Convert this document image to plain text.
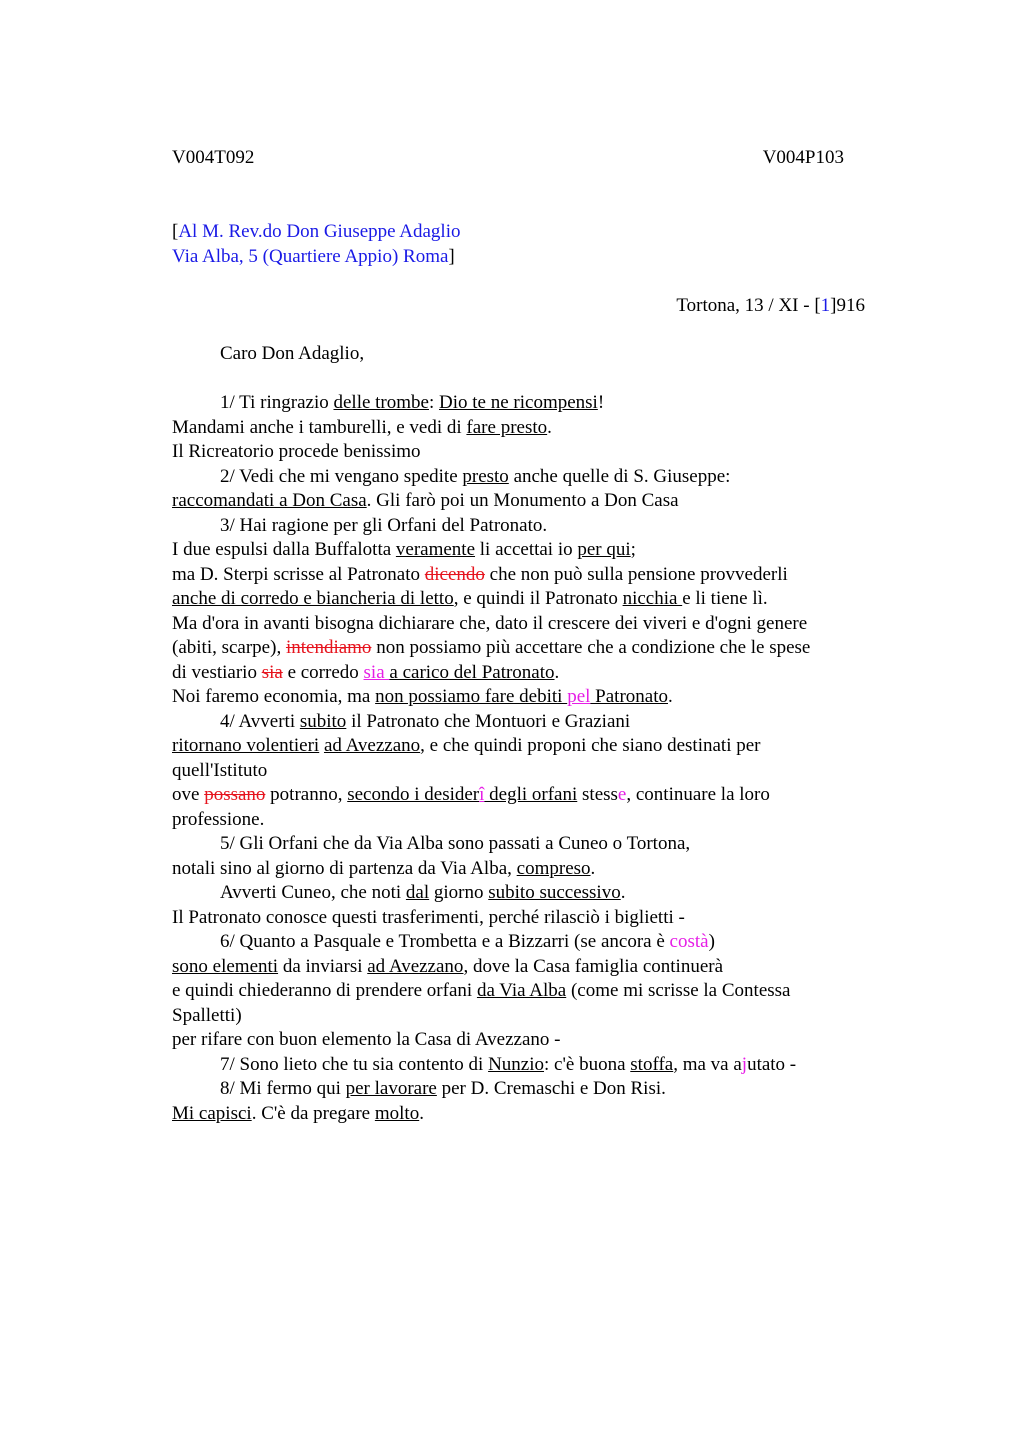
V004T092	V004P103
[Al M. Rev.do Don Giuseppe Adaglio
Via Alba, 5 (Quartiere Appio) Roma]
Tortona, 13 / XI - [1]916
Caro Don Adaglio,
1/ Ti ringrazio delle trombe: Dio te ne ricompensi!
Mandami anche i tamburelli, e vedi di fare presto.
Il Ricreatorio procede benissimo
2/ Vedi che mi vengano spedite presto anche quelle di S. Giuseppe:
raccomandati a Don Casa. Gli farò poi un Monumento a Don Casa
3/ Hai ragione per gli Orfani del Patronato.
I due espulsi dalla Buffalotta veramente li accettai io per qui;
ma D. Sterpi scrisse al Patronato dicendo che non può sulla pensione provvederli
anche di corredo e biancheria di letto, e quindi il Patronato nicchia e li tiene lì.
Ma d'ora in avanti bisogna dichiarare che, dato il crescere dei viveri e d'ogni genere
(abiti, scarpe), intendiamo non possiamo più accettare che a condizione che le spese
di vestiario sia e corredo sia a carico del Patronato.
Noi faremo economia, ma non possiamo fare debiti pel Patronato.
4/ Avverti subito il Patronato che Montuori e Graziani
ritornano volentieri ad Avezzano, e che quindi proponi che siano destinati per
quell'Istituto
ove possano potranno, secondo i desiderî degli orfani stesse, continuare la loro
professione.
5/ Gli Orfani che da Via Alba sono passati a Cuneo o Tortona,
notali sino al giorno di partenza da Via Alba, compreso.
Avverti Cuneo, che noti dal giorno subito successivo.
Il Patronato conosce questi trasferimenti, perché rilasciò i biglietti -
6/ Quanto a Pasquale e Trombetta e a Bizzarri (se ancora è costà)
sono elementi da inviarsi ad Avezzano, dove la Casa famiglia continuerà
e quindi chiederanno di prendere orfani da Via Alba (come mi scrisse la Contessa
Spalletti)
per rifare con buon elemento la Casa di Avezzano -
7/ Sono lieto che tu sia contento di Nunzio: c'è buona stoffa, ma va ajutato -
8/ Mi fermo qui per lavorare per D. Cremaschi e Don Risi.
Mi capisci. C'è da pregare molto.
